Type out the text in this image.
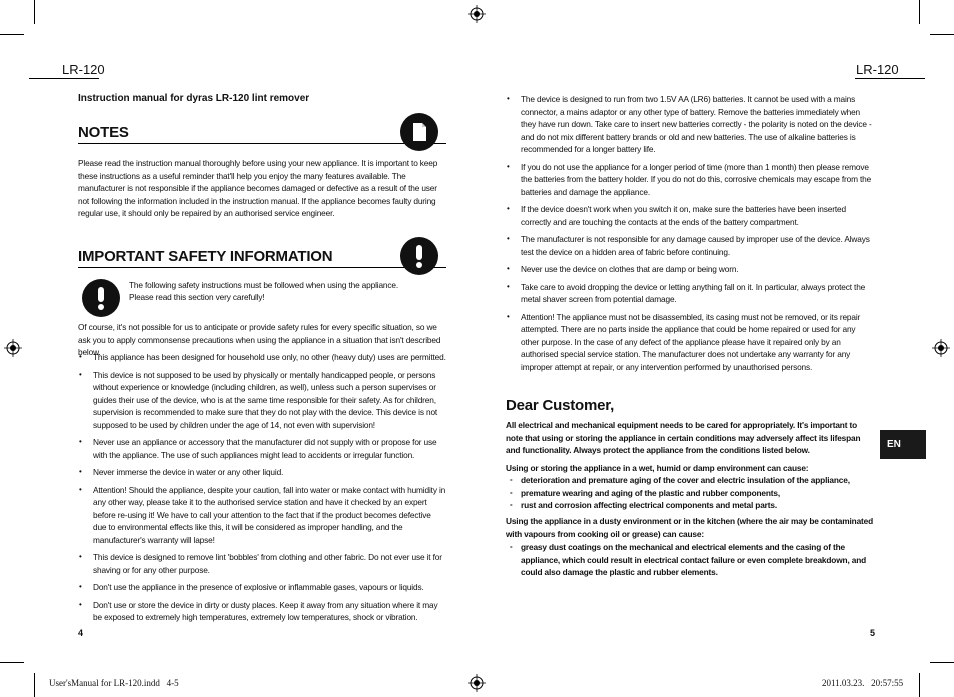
LR-120	LR-120
Instruction manual for dyras LR-120 lint remover
NOTES
Please read the instruction manual thoroughly before using your new appliance. It is important to keep these instructions as a useful reminder that'll help you enjoy the many features available. The manufacturer is not responsible if the appliance becomes damaged or defective as a result of the user not following the information included in the instruction manual. If the appliance becomes faulty during regular use, it should only be repaired by an authorised service engineer.
IMPORTANT SAFETY INFORMATION
The following safety instructions must be followed when using the appliance.
Please read this section very carefully!
Of course, it's not possible for us to anticipate or provide safety rules for every specific situation, so we ask you to apply commonsense precautions when using the appliance in a situation that isn't described below.
• This appliance has been designed for household use only, no other (heavy duty) uses are permitted.
• This device is not supposed to be used by physically or mentally handicapped people, or persons without experience or knowledge (including children, as well), unless such a person supervises or guides their use of the device, who is at the same time responsible for their safety. As for children, supervision is recommended to make sure that they do not play with the device. This device is not supposed to be used by children under the age of 14, not even with supervision!
• Never use an appliance or accessory that the manufacturer did not supply with or propose for use with the appliance. The use of such appliances might lead to accidents or irregular function.
• Never immerse the device in water or any other liquid.
• Attention! Should the appliance, despite your caution, fall into water or make contact with humidity in any other way, please take it to the authorised service station and have it checked by an expert before re-using it! We have to call your attention to the fact that if the product becomes defective due to environmental effects like this, it will be considered as improper handling, and the manufacturer's warranty will lapse!
• This device is designed to remove lint 'bobbles' from clothing and other fabric. Do not ever use it for shaving or for any other purpose.
• Don't use the appliance in the presence of explosive or inflammable gases, vapours or liquids.
• Don't use or store the device in dirty or dusty places. Keep it away from any situation where it may be exposed to extremely high temperatures, extremely low temperatures, shock or vibration.
4
• The device is designed to run from two 1.5V AA (LR6) batteries. It cannot be used with a mains connector, a mains adaptor or any other type of battery. Remove the batteries immediately when they have run down. Take care to insert new batteries correctly - the polarity is noted on the device - and do not mix different battery brands or old and new batteries. The use of alkaline batteries is recommended for a longer battery life.
• If you do not use the appliance for a longer period of time (more than 1 month) then please remove the batteries from the battery holder. If you do not do this, corrosive chemicals may escape from the batteries and damage the appliance.
• If the device doesn't work when you switch it on, make sure the batteries have been inserted correctly and are touching the contacts at the ends of the battery compartment.
• The manufacturer is not responsible for any damage caused by improper use of the device. Always test the device on a hidden area of fabric before continuing.
• Never use the device on clothes that are damp or being worn.
• Take care to avoid dropping the device or letting anything fall on it. In particular, always protect the metal shaver screen from potential damage.
• Attention! The appliance must not be disassembled, its casing must not be removed, or its repair attempted. There are no parts inside the appliance that could be home repaired or used for any other purpose. In the case of any defect of the appliance please have it repaired only by an authorised special service station. The manufacturer does not undertake any warranty for any improper attempt at repair, or any intervention performed by unauthorised persons.
Dear Customer,
All electrical and mechanical equipment needs to be cared for appropriately. It's important to note that using or storing the appliance in certain conditions may adversely affect its lifespan and functionality. Always protect the appliance from the conditions listed below.
Using or storing the appliance in a wet, humid or damp environment can cause:
- deterioration and premature aging of the cover and electric insulation of the appliance,
- premature wearing and aging of the plastic and rubber components,
- rust and corrosion affecting electrical components and metal parts.
Using the appliance in a dusty environment or in the kitchen (where the air may be contaminated with vapours from cooking oil or grease) can cause:
- greasy dust coatings on the mechanical and electrical elements and the casing of the appliance, which could result in electrical contact failure or even complete breakdown, and could also damage the plastic and rubber elements.
EN
5
User'sManual for LR-120.indd   4-5	2011.03.23.   20:57:55
